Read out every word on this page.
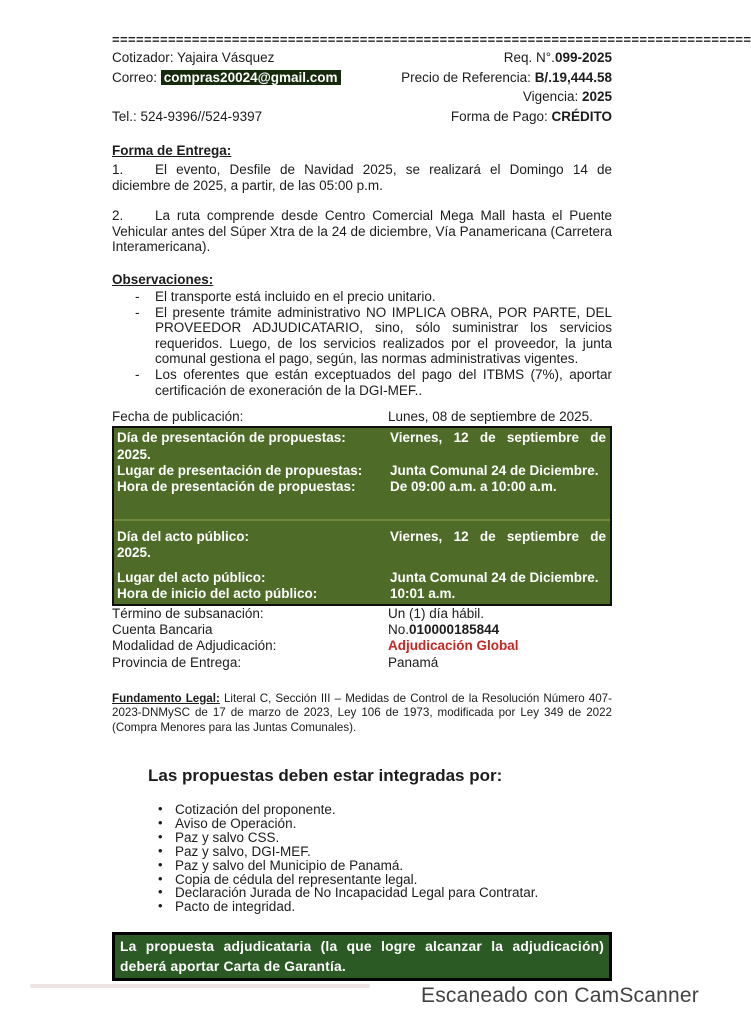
================================================================================
Cotizador: Yajaira Vásquez	Req. N°.099-2025
Correo: compras20024@gmail.com	Precio de Referencia: B/.19,444.58
Vigencia: 2025
Tel.: 524-9396//524-9397	Forma de Pago: CRÉDITO
Forma de Entrega:
1. El evento, Desfile de Navidad 2025, se realizará el Domingo 14 de diciembre de 2025, a partir, de las 05:00 p.m.
2. La ruta comprende desde Centro Comercial Mega Mall hasta el Puente Vehicular antes del Súper Xtra de la 24 de diciembre, Vía Panamericana (Carretera Interamericana).
Observaciones:
- El transporte está incluido en el precio unitario.
- El presente trámite administrativo NO IMPLICA OBRA, POR PARTE, DEL PROVEEDOR ADJUDICATARIO, sino, sólo suministrar los servicios requeridos. Luego, de los servicios realizados por el proveedor, la junta comunal gestiona el pago, según, las normas administrativas vigentes.
- Los oferentes que están exceptuados del pago del ITBMS (7%), aportar certificación de exoneración de la DGI-MEF..
Fecha de publicación:	Lunes, 08 de septiembre de 2025.
Día de presentación de propuestas:	Viernes, 12 de septiembre de
2025.
Lugar de presentación de propuestas:	Junta Comunal 24 de Diciembre.
Hora de presentación de propuestas:	De 09:00 a.m. a 10:00 a.m.
Día del acto público:	Viernes, 12 de septiembre de
2025.
Lugar del acto público:	Junta Comunal 24 de Diciembre.
Hora de inicio del acto público:	10:01 a.m.
Término de subsanación:	Un (1) día hábil.
Cuenta Bancaria	No.010000185844
Modalidad de Adjudicación:	Adjudicación Global
Provincia de Entrega:	Panamá
Fundamento Legal: Literal C, Sección III – Medidas de Control de la Resolución Número 407-2023-DNMySC de 17 de marzo de 2023, Ley 106 de 1973, modificada por Ley 349 de 2022 (Compra Menores para las Juntas Comunales).
Las propuestas deben estar integradas por:
• Cotización del proponente.
• Aviso de Operación.
• Paz y salvo CSS.
• Paz y salvo, DGI-MEF.
• Paz y salvo del Municipio de Panamá.
• Copia de cédula del representante legal.
• Declaración Jurada de No Incapacidad Legal para Contratar.
• Pacto de integridad.
La propuesta adjudicataria (la que logre alcanzar la adjudicación) deberá aportar Carta de Garantía.
Escaneado con CamScanner
